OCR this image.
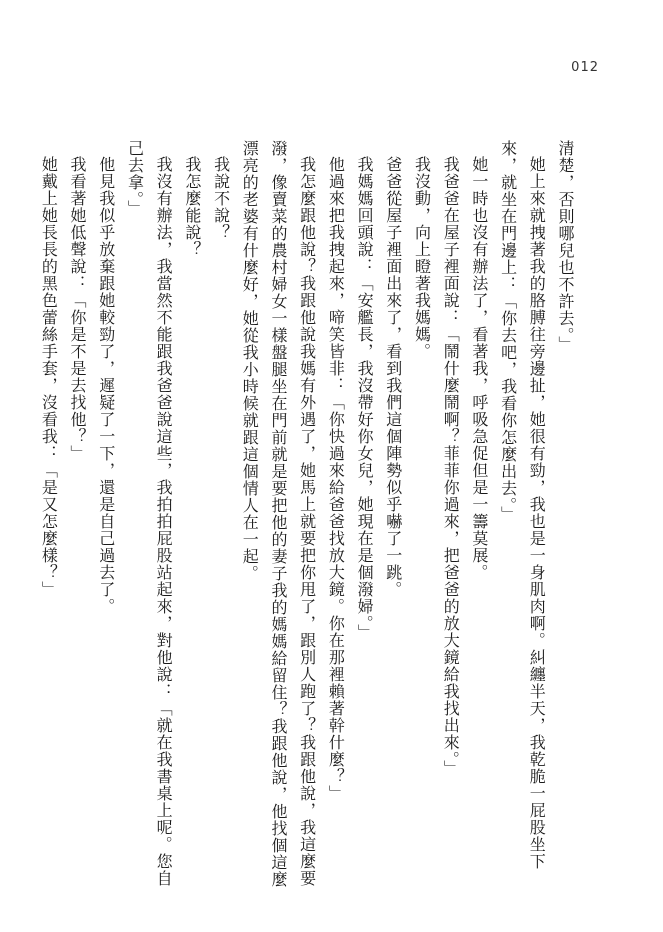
012

清楚，否則哪兒也不許去。」

她上來就拽著我的胳膊往旁邊扯，她很有勁，我也是一身肌肉啊。糾纏半天，我乾脆一屁股坐下來，就坐在門邊上：「你去吧，我看你怎麼出去。」

她一時也沒有辦法了，看著我，呼吸急促但是一籌莫展。

我爸爸在屋子裡面說：「鬧什麼鬧啊？菲菲你過來，把爸爸的放大鏡給我找出來。」

我沒動，向上瞪著我媽媽。

爸爸從屋子裡面出來了，看到我們這個陣勢似乎嚇了一跳。

我媽媽回頭說：「安艦長，我沒帶好你女兒，她現在是個潑婦。」

他過來把我拽起來，啼笑皆非：「你快過來給爸爸找放大鏡。你在那裡賴著幹什麼？」

我怎麼跟他說？我跟他說我媽有外遇了，她馬上就要把你甩了，跟別人跑了？我跟他說，我這麼要潑，像賣菜的農村婦女一樣盤腿坐在門前就是要把他的妻子我的媽媽給留住？我跟他說，他找個這麼漂亮的老婆有什麼好，她從我小時候就跟這個情人在一起。

我說不說？

我怎麼能說？

我沒有辦法，我當然不能跟我爸爸說這些，我拍拍屁股站起來，對他說：「就在我書桌上呢。您自己去拿。」

他見我似乎放棄跟她較勁了，遲疑了一下，還是自己過去了。

我看著她低聲說：「你是不是去找他？」

她戴上她長長的黑色蕾絲手套，沒看我：「是又怎麼樣？」
